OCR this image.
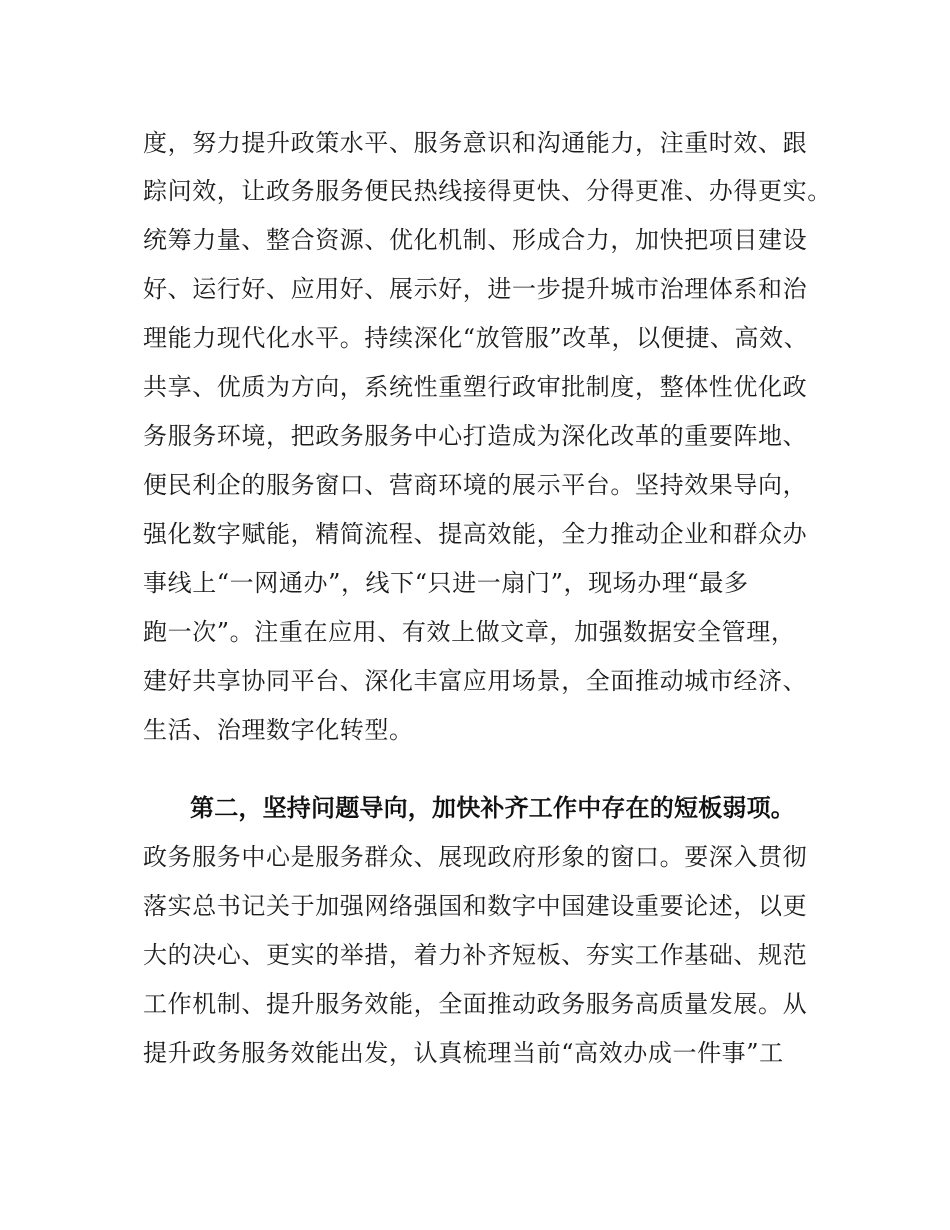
度，努力提升政策水平、服务意识和沟通能力，注重时效、跟
踪问效，让政务服务便民热线接得更快、分得更准、办得更实。
统筹力量、整合资源、优化机制、形成合力，加快把项目建设
好、运行好、应用好、展示好，进一步提升城市治理体系和治
理能力现代化水平。持续深化“放管服”改革，以便捷、高效、
共享、优质为方向，系统性重塑行政审批制度，整体性优化政
务服务环境，把政务服务中心打造成为深化改革的重要阵地、
便民利企的服务窗口、营商环境的展示平台。坚持效果导向，
强化数字赋能，精简流程、提高效能，全力推动企业和群众办
事线上“一网通办”，线下“只进一扇门”，现场办理“最多
跑一次”。注重在应用、有效上做文章，加强数据安全管理，
建好共享协同平台、深化丰富应用场景，全面推动城市经济、
生活、治理数字化转型。
第二，坚持问题导向，加快补齐工作中存在的短板弱项。
政务服务中心是服务群众、展现政府形象的窗口。要深入贯彻
落实总书记关于加强网络强国和数字中国建设重要论述，以更
大的决心、更实的举措，着力补齐短板、夯实工作基础、规范
工作机制、提升服务效能，全面推动政务服务高质量发展。从
提升政务服务效能出发，认真梳理当前“高效办成一件事”工
